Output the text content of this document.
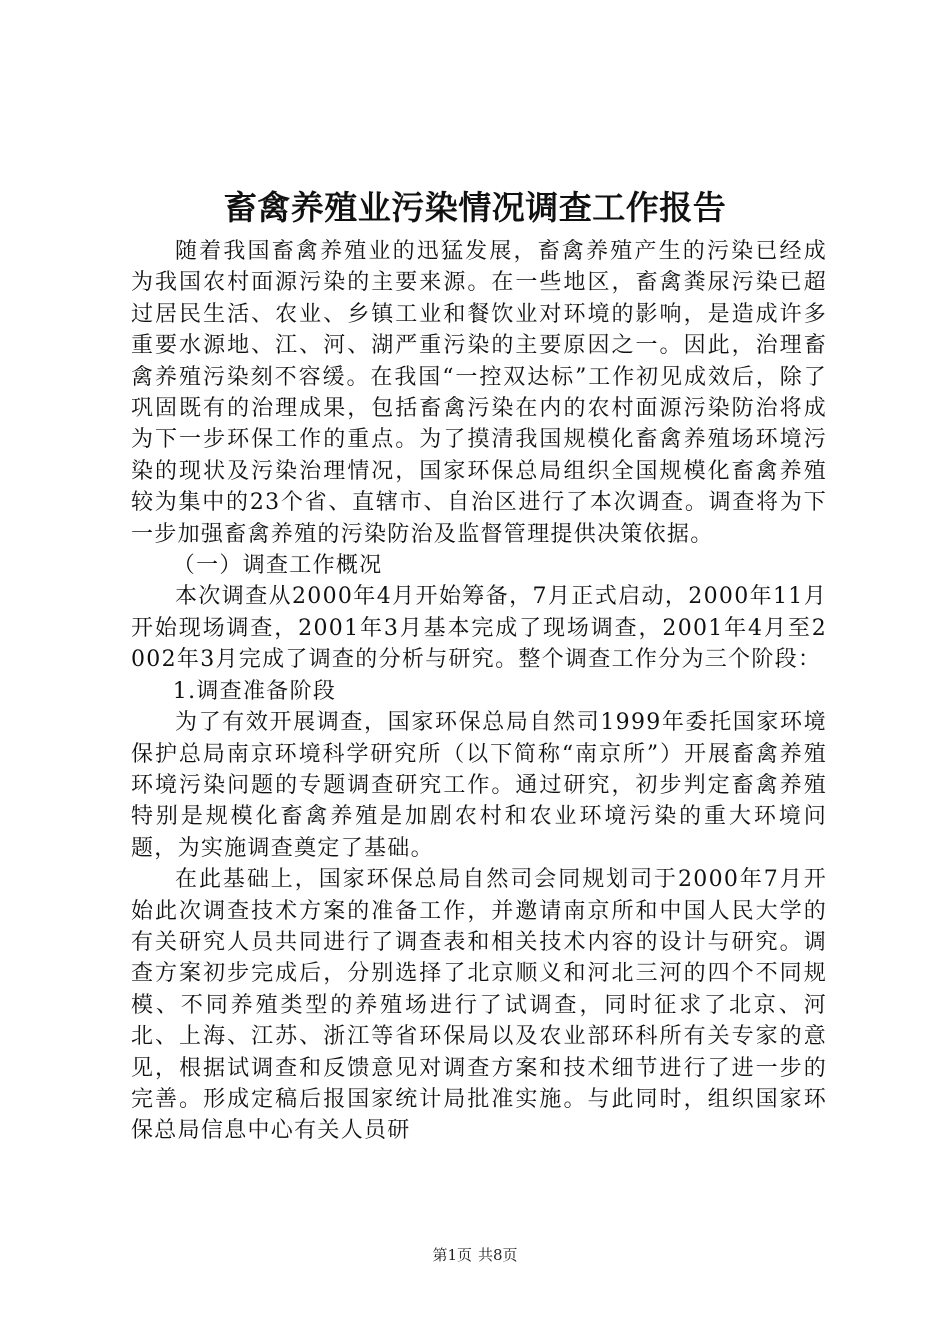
畜禽养殖业污染情况调查工作报告

随着我国畜禽养殖业的迅猛发展，畜禽养殖产生的污染已经成为我国农村面源污染的主要来源。在一些地区，畜禽粪尿污染已超过居民生活、农业、乡镇工业和餐饮业对环境的影响，是造成许多重要水源地、江、河、湖严重污染的主要原因之一。因此，治理畜禽养殖污染刻不容缓。在我国“一控双达标”工作初见成效后，除了巩固既有的治理成果，包括畜禽污染在内的农村面源污染防治将成为下一步环保工作的重点。为了摸清我国规模化畜禽养殖场环境污染的现状及污染治理情况，国家环保总局组织全国规模化畜禽养殖较为集中的23个省、直辖市、自治区进行了本次调查。调查将为下一步加强畜禽养殖的污染防治及监督管理提供决策依据。

（一）调查工作概况

本次调查从2000年4月开始筹备，7月正式启动，2000年11月开始现场调查，2001年3月基本完成了现场调查，2001年4月至2002年3月完成了调查的分析与研究。整个调查工作分为三个阶段：

1.调查准备阶段

为了有效开展调查，国家环保总局自然司1999年委托国家环境保护总局南京环境科学研究所（以下简称“南京所”）开展畜禽养殖环境污染问题的专题调查研究工作。通过研究，初步判定畜禽养殖特别是规模化畜禽养殖是加剧农村和农业环境污染的重大环境问题，为实施调查奠定了基础。

在此基础上，国家环保总局自然司会同规划司于2000年7月开始此次调查技术方案的准备工作，并邀请南京所和中国人民大学的有关研究人员共同进行了调查表和相关技术内容的设计与研究。调查方案初步完成后，分别选择了北京顺义和河北三河的四个不同规模、不同养殖类型的养殖场进行了试调查，同时征求了北京、河北、上海、江苏、浙江等省环保局以及农业部环科所有关专家的意见，根据试调查和反馈意见对调查方案和技术细节进行了进一步的完善。形成定稿后报国家统计局批准实施。与此同时，组织国家环保总局信息中心有关人员研

第1页 共8页
